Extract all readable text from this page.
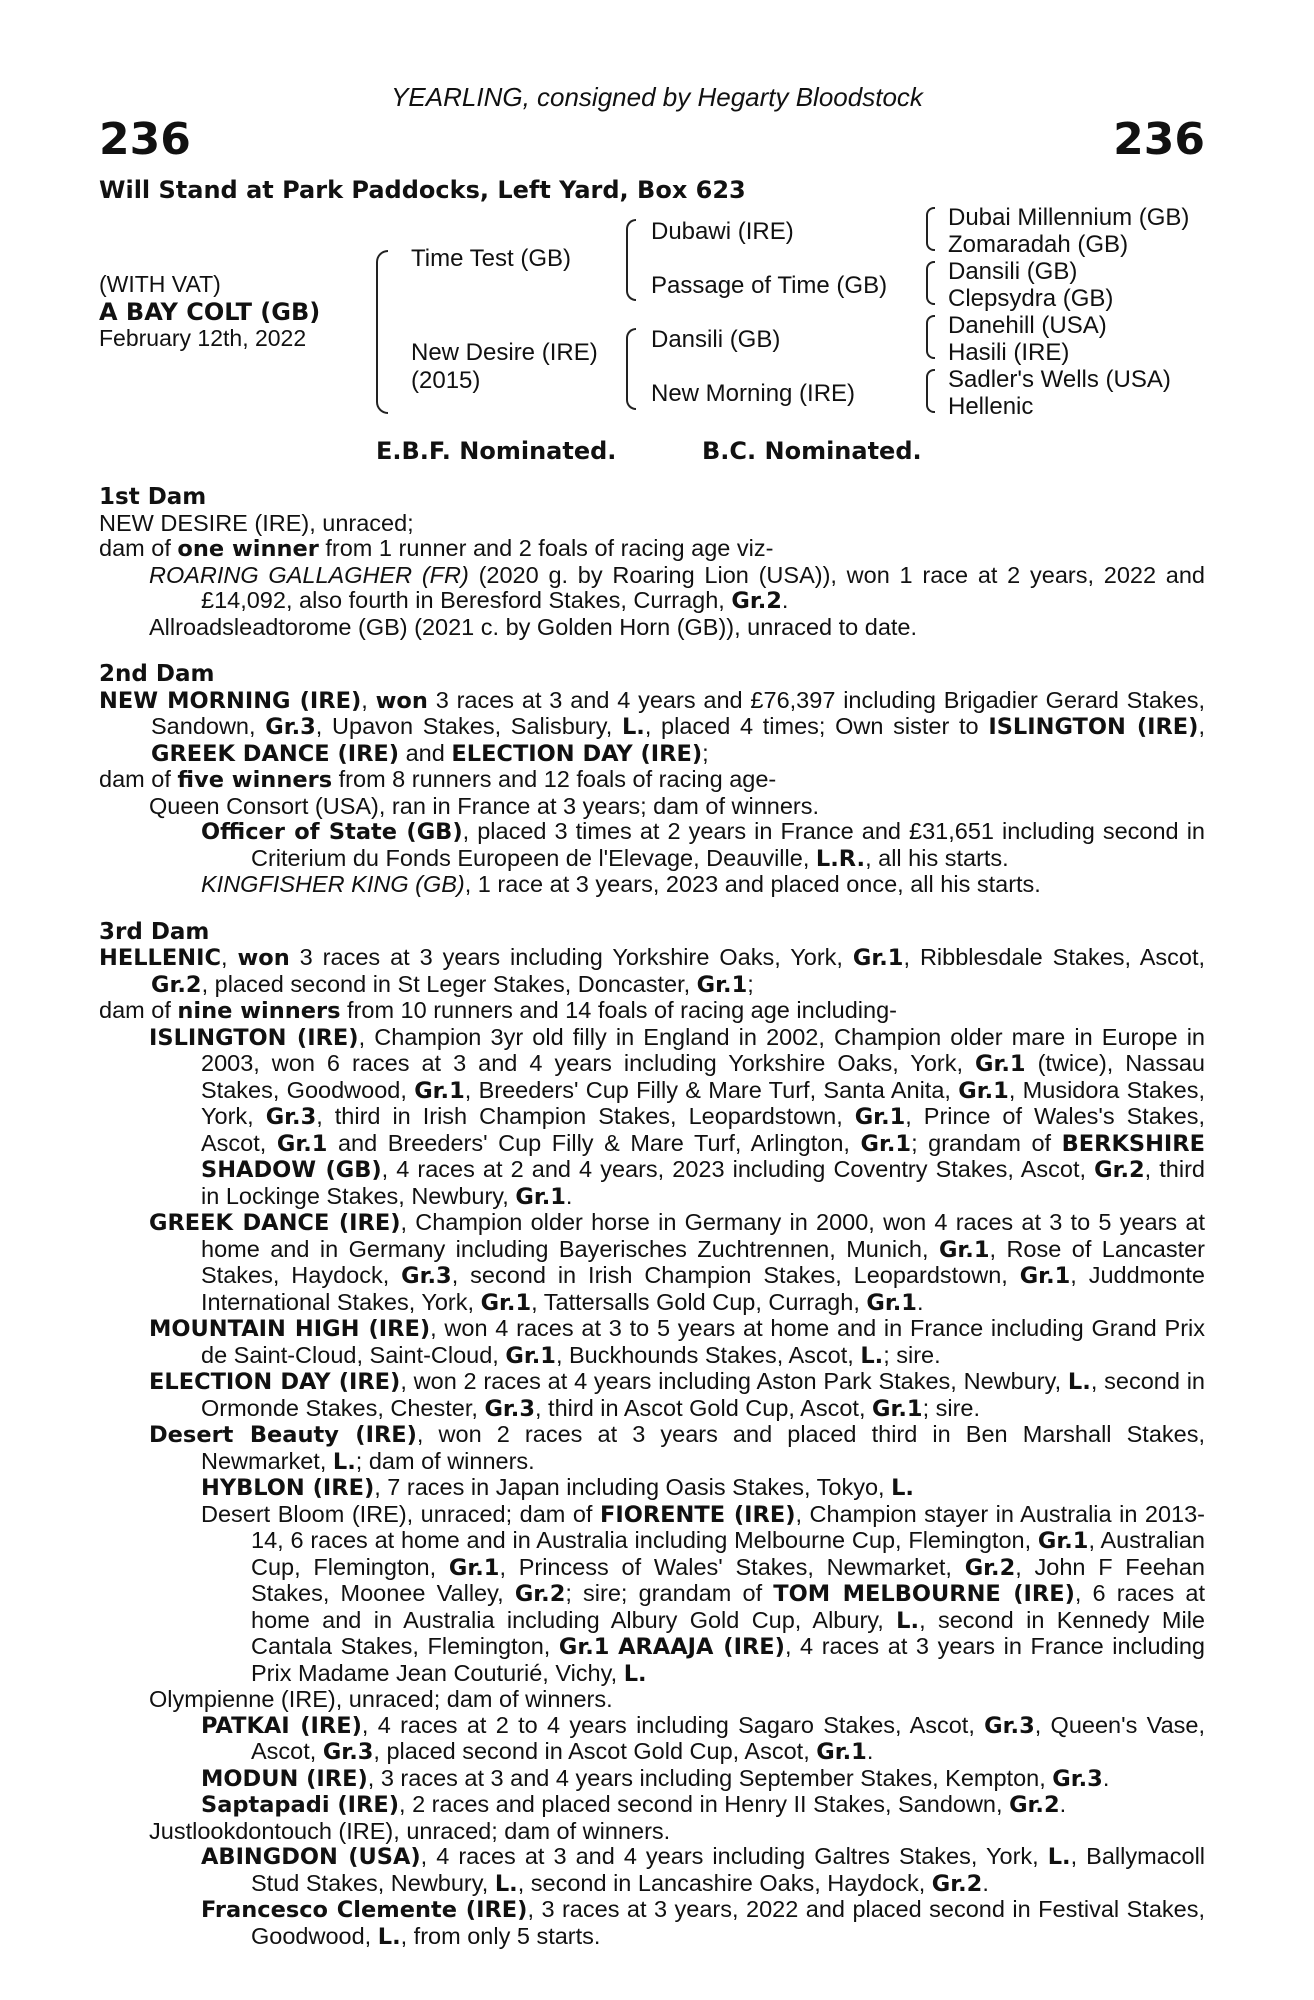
YEARLING, consigned by Hegarty Bloodstock
236	236
Will Stand at Park Paddocks, Left Yard, Box 623
(WITH VAT)
A BAY COLT (GB)
February 12th, 2022
Time Test (GB)
New Desire (IRE)
(2015)
Dubawi (IRE)
Passage of Time (GB)
Dansili (GB)
New Morning (IRE)
Dubai Millennium (GB)
Zomaradah (GB)
Dansili (GB)
Clepsydra (GB)
Danehill (USA)
Hasili (IRE)
Sadler's Wells (USA)
Hellenic
E.B.F. Nominated.	B.C. Nominated.
1st Dam
NEW DESIRE (IRE), unraced;
dam of one winner from 1 runner and 2 foals of racing age viz-
ROARING GALLAGHER (FR) (2020 g. by Roaring Lion (USA)), won 1 race at 2 years, 2022 and £14,092, also fourth in Beresford Stakes, Curragh, Gr.2.
Allroadsleadtorome (GB) (2021 c. by Golden Horn (GB)), unraced to date.
2nd Dam
NEW MORNING (IRE), won 3 races at 3 and 4 years and £76,397 including Brigadier Gerard Stakes, Sandown, Gr.3, Upavon Stakes, Salisbury, L., placed 4 times; Own sister to ISLINGTON (IRE), GREEK DANCE (IRE) and ELECTION DAY (IRE);
dam of five winners from 8 runners and 12 foals of racing age-
Queen Consort (USA), ran in France at 3 years; dam of winners.
Officer of State (GB), placed 3 times at 2 years in France and £31,651 including second in Criterium du Fonds Europeen de l'Elevage, Deauville, L.R., all his starts.
KINGFISHER KING (GB), 1 race at 3 years, 2023 and placed once, all his starts.
3rd Dam
HELLENIC, won 3 races at 3 years including Yorkshire Oaks, York, Gr.1, Ribblesdale Stakes, Ascot, Gr.2, placed second in St Leger Stakes, Doncaster, Gr.1;
dam of nine winners from 10 runners and 14 foals of racing age including-
ISLINGTON (IRE), Champion 3yr old filly in England in 2002, Champion older mare in Europe in 2003, won 6 races at 3 and 4 years including Yorkshire Oaks, York, Gr.1 (twice), Nassau Stakes, Goodwood, Gr.1, Breeders' Cup Filly & Mare Turf, Santa Anita, Gr.1, Musidora Stakes, York, Gr.3, third in Irish Champion Stakes, Leopardstown, Gr.1, Prince of Wales's Stakes, Ascot, Gr.1 and Breeders' Cup Filly & Mare Turf, Arlington, Gr.1; grandam of BERKSHIRE SHADOW (GB), 4 races at 2 and 4 years, 2023 including Coventry Stakes, Ascot, Gr.2, third in Lockinge Stakes, Newbury, Gr.1.
GREEK DANCE (IRE), Champion older horse in Germany in 2000, won 4 races at 3 to 5 years at home and in Germany including Bayerisches Zuchtrennen, Munich, Gr.1, Rose of Lancaster Stakes, Haydock, Gr.3, second in Irish Champion Stakes, Leopardstown, Gr.1, Juddmonte International Stakes, York, Gr.1, Tattersalls Gold Cup, Curragh, Gr.1.
MOUNTAIN HIGH (IRE), won 4 races at 3 to 5 years at home and in France including Grand Prix de Saint-Cloud, Saint-Cloud, Gr.1, Buckhounds Stakes, Ascot, L.; sire.
ELECTION DAY (IRE), won 2 races at 4 years including Aston Park Stakes, Newbury, L., second in Ormonde Stakes, Chester, Gr.3, third in Ascot Gold Cup, Ascot, Gr.1; sire.
Desert Beauty (IRE), won 2 races at 3 years and placed third in Ben Marshall Stakes, Newmarket, L.; dam of winners.
HYBLON (IRE), 7 races in Japan including Oasis Stakes, Tokyo, L.
Desert Bloom (IRE), unraced; dam of FIORENTE (IRE), Champion stayer in Australia in 2013-14, 6 races at home and in Australia including Melbourne Cup, Flemington, Gr.1, Australian Cup, Flemington, Gr.1, Princess of Wales' Stakes, Newmarket, Gr.2, John F Feehan Stakes, Moonee Valley, Gr.2; sire; grandam of TOM MELBOURNE (IRE), 6 races at home and in Australia including Albury Gold Cup, Albury, L., second in Kennedy Mile Cantala Stakes, Flemington, Gr.1 ARAAJA (IRE), 4 races at 3 years in France including Prix Madame Jean Couturié, Vichy, L.
Olympienne (IRE), unraced; dam of winners.
PATKAI (IRE), 4 races at 2 to 4 years including Sagaro Stakes, Ascot, Gr.3, Queen's Vase, Ascot, Gr.3, placed second in Ascot Gold Cup, Ascot, Gr.1.
MODUN (IRE), 3 races at 3 and 4 years including September Stakes, Kempton, Gr.3.
Saptapadi (IRE), 2 races and placed second in Henry II Stakes, Sandown, Gr.2.
Justlookdontouch (IRE), unraced; dam of winners.
ABINGDON (USA), 4 races at 3 and 4 years including Galtres Stakes, York, L., Ballymacoll Stud Stakes, Newbury, L., second in Lancashire Oaks, Haydock, Gr.2.
Francesco Clemente (IRE), 3 races at 3 years, 2022 and placed second in Festival Stakes, Goodwood, L., from only 5 starts.
